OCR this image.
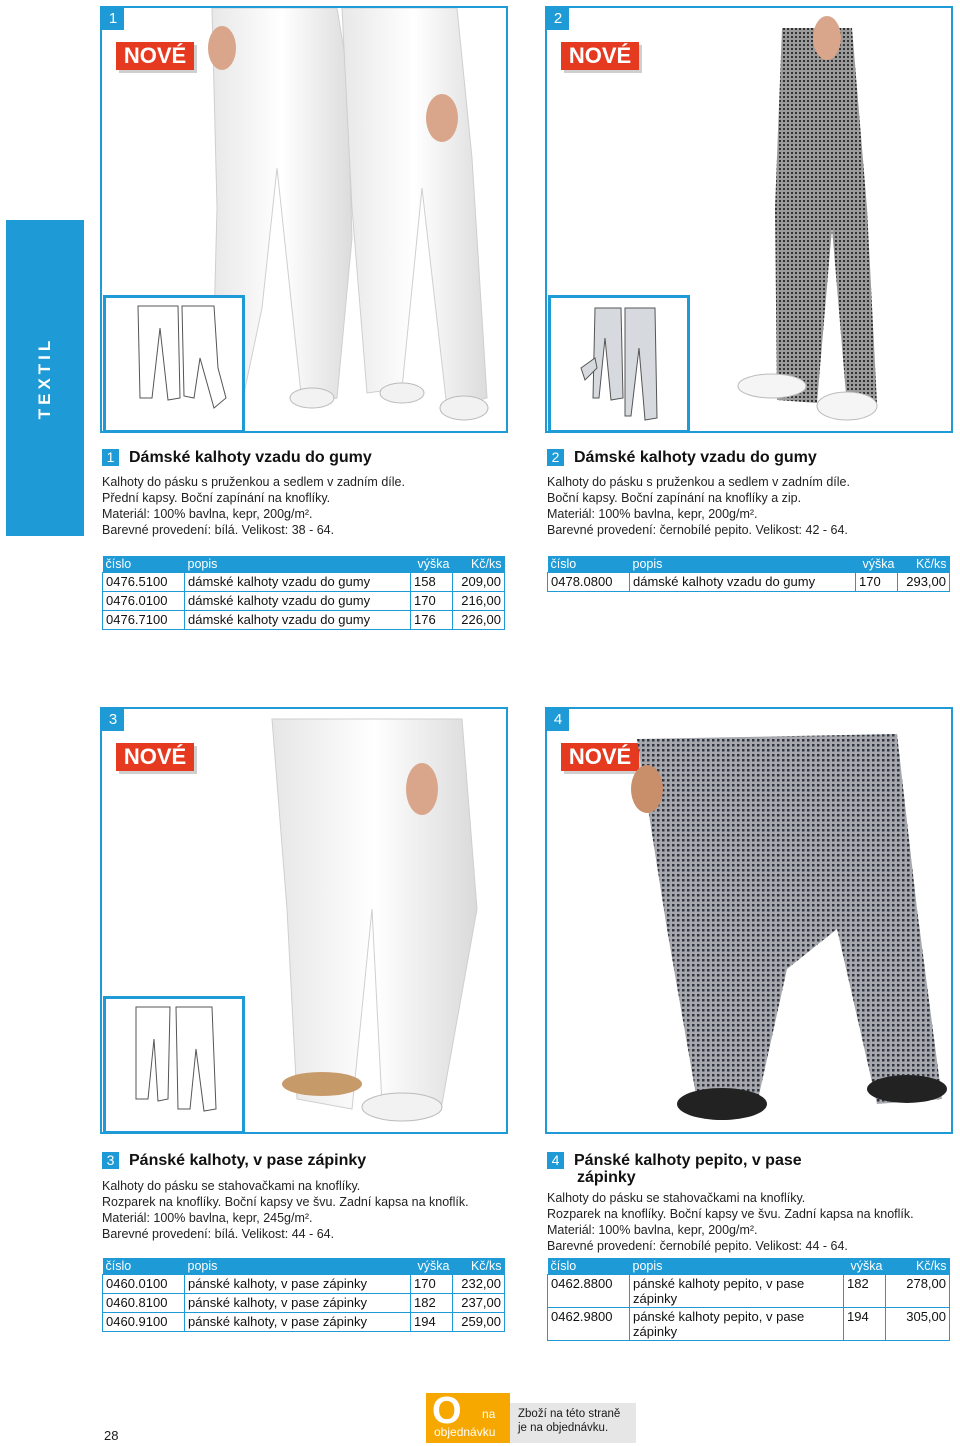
TEXTIL
1
NOVÉ
1 Dámské kalhoty vzadu do gumy
Kalhoty do pásku s pruženkou a sedlem v zadním díle.
Přední kapsy. Boční zapínání na knoflíky.
Materiál: 100% bavlna, kepr, 200g/m².
Barevné provedení: bílá. Velikost: 38 - 64.
číslo	popis	výška	Kč/ks
0476.5100	dámské kalhoty vzadu do gumy	158	209,00
0476.0100	dámské kalhoty vzadu do gumy	170	216,00
0476.7100	dámské kalhoty vzadu do gumy	176	226,00
2
NOVÉ
2 Dámské kalhoty vzadu do gumy
Kalhoty do pásku s pruženkou a sedlem v zadním díle.
Boční kapsy. Boční zapínání na knoflíky a zip.
Materiál: 100% bavlna, kepr, 200g/m².
Barevné provedení: černobílé pepito. Velikost: 42 - 64.
číslo	popis	výška	Kč/ks
0478.0800	dámské kalhoty vzadu do gumy	170	293,00
3
NOVÉ
3 Pánské kalhoty, v pase zápinky
Kalhoty do pásku se stahovačkami na knoflíky.
Rozparek na knoflíky. Boční kapsy ve švu. Zadní kapsa na knoflík.
Materiál: 100% bavlna, kepr, 245g/m².
Barevné provedení: bílá. Velikost: 44 - 64.
číslo	popis	výška	Kč/ks
0460.0100	pánské kalhoty, v pase zápinky	170	232,00
0460.8100	pánské kalhoty, v pase zápinky	182	237,00
0460.9100	pánské kalhoty, v pase zápinky	194	259,00
4
NOVÉ
4 Pánské kalhoty pepito, v pase
zápinky
Kalhoty do pásku se stahovačkami na knoflíky.
Rozparek na knoflíky. Boční kapsy ve švu. Zadní kapsa na knoflík.
Materiál: 100% bavlna, kepr, 200g/m².
Barevné provedení: černobílé pepito. Velikost: 44 - 64.
číslo	popis	výška	Kč/ks
0462.8800	pánské kalhoty pepito, v pase
zápinky	182	278,00
0462.9800	pánské kalhoty pepito, v pase
zápinky	194	305,00
28
O na
objednávku
Zboží na této straně
je na objednávku.
